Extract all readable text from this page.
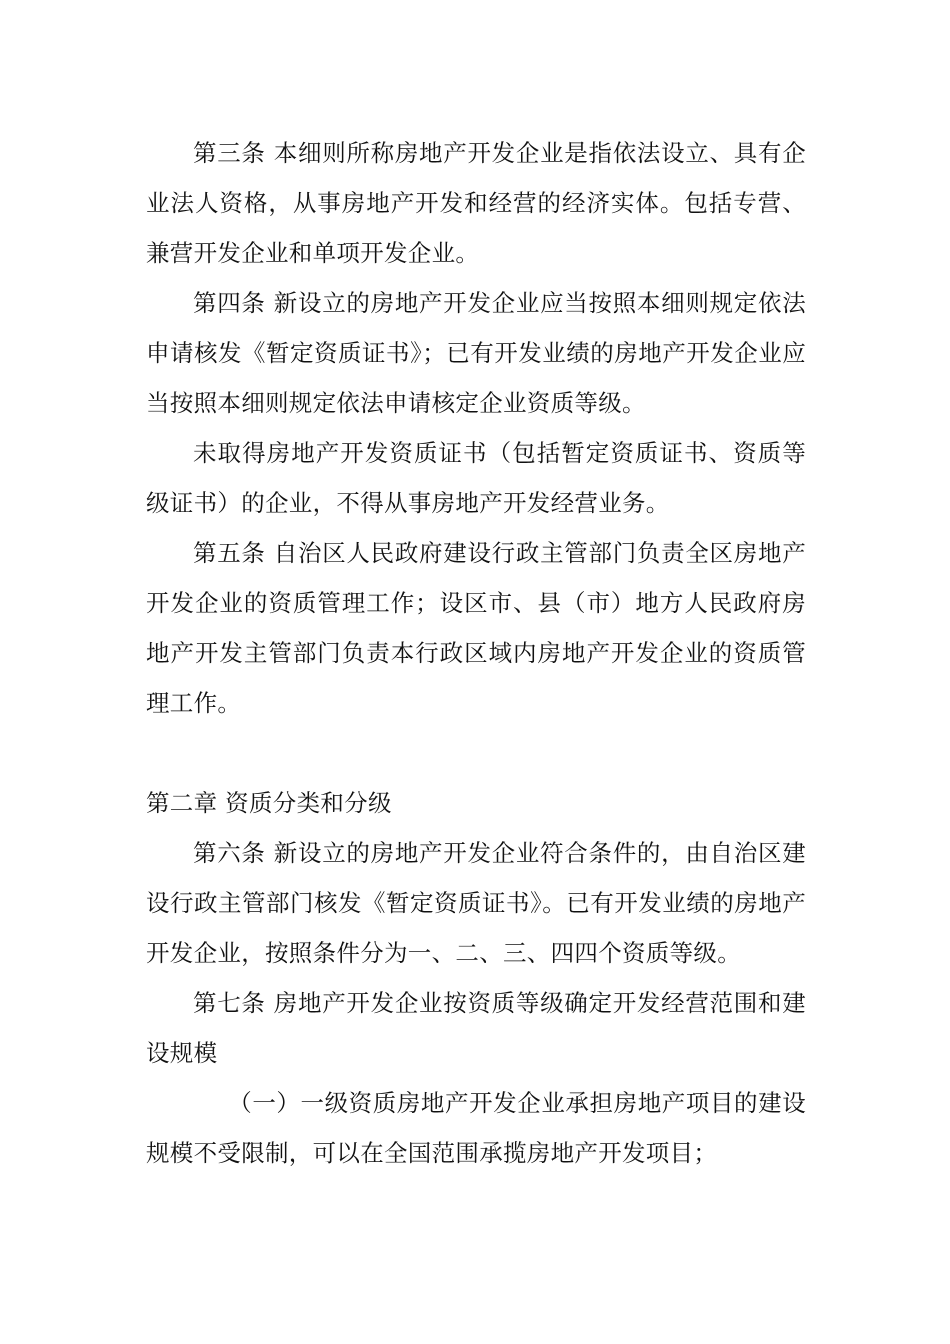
第三条 本细则所称房地产开发企业是指依法设立、具有企业法人资格，从事房地产开发和经营的经济实体。包括专营、兼营开发企业和单项开发企业。

第四条 新设立的房地产开发企业应当按照本细则规定依法申请核发《暂定资质证书》；已有开发业绩的房地产开发企业应当按照本细则规定依法申请核定企业资质等级。

未取得房地产开发资质证书（包括暂定资质证书、资质等级证书）的企业，不得从事房地产开发经营业务。

第五条 自治区人民政府建设行政主管部门负责全区房地产开发企业的资质管理工作；设区市、县（市）地方人民政府房地产开发主管部门负责本行政区域内房地产开发企业的资质管理工作。

第二章 资质分类和分级

第六条 新设立的房地产开发企业符合条件的，由自治区建设行政主管部门核发《暂定资质证书》。已有开发业绩的房地产开发企业，按照条件分为一、二、三、四四个资质等级。

第七条 房地产开发企业按资质等级确定开发经营范围和建设规模

（一）一级资质房地产开发企业承担房地产项目的建设规模不受限制，可以在全国范围承揽房地产开发项目；
